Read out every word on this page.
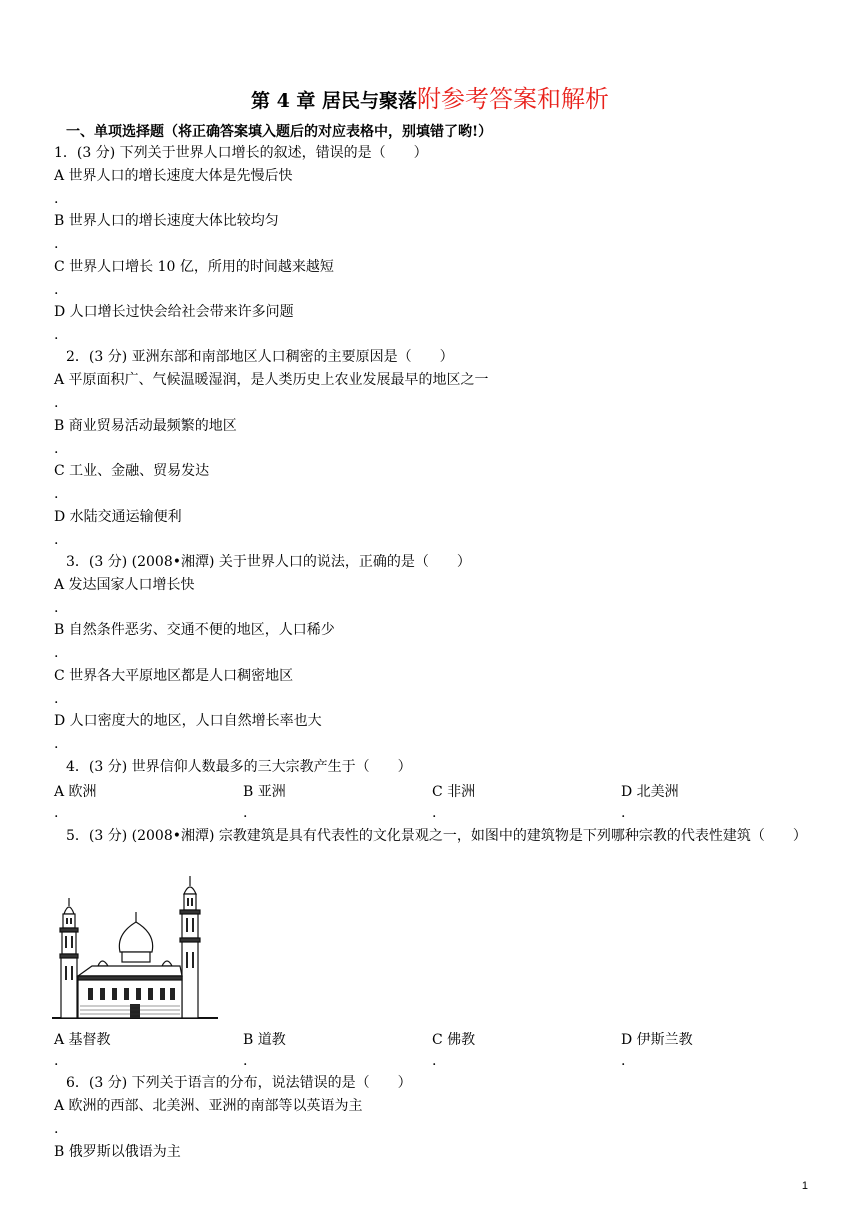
第 4 章 居民与聚落附参考答案和解析
一、单项选择题（将正确答案填入题后的对应表格中，别填错了哟!）
1．(3 分) 下列关于世界人口增长的叙述，错误的是（　　）
A 世界人口的增长速度大体是先慢后快
.
B 世界人口的增长速度大体比较均匀
.
C 世界人口增长 10 亿，所用的时间越来越短
.
D 人口增长过快会给社会带来许多问题
.
2．(3 分) 亚洲东部和南部地区人口稠密的主要原因是（　　）
A 平原面积广、气候温暖湿润，是人类历史上农业发展最早的地区之一
.
B 商业贸易活动最频繁的地区
.
C 工业、金融、贸易发达
.
D 水陆交通运输便利
.
3．(3 分) (2008•湘潭) 关于世界人口的说法，正确的是（　　）
A 发达国家人口增长快
.
B 自然条件恶劣、交通不便的地区，人口稀少
.
C 世界各大平原地区都是人口稠密地区
.
D 人口密度大的地区，人口自然增长率也大
.
4．(3 分) 世界信仰人数最多的三大宗教产生于（　　）
A 欧洲	B 亚洲	C 非洲	D 北美洲
.	.	.	.
5．(3 分) (2008•湘潭) 宗教建筑是具有代表性的文化景观之一，如图中的建筑物是下列哪种宗教的代表性建筑（　　）
A 基督教	B 道教	C 佛教	D 伊斯兰教
.	.	.	.
6．(3 分) 下列关于语言的分布，说法错误的是（　　）
A 欧洲的西部、北美洲、亚洲的南部等以英语为主
.
B 俄罗斯以俄语为主
1
